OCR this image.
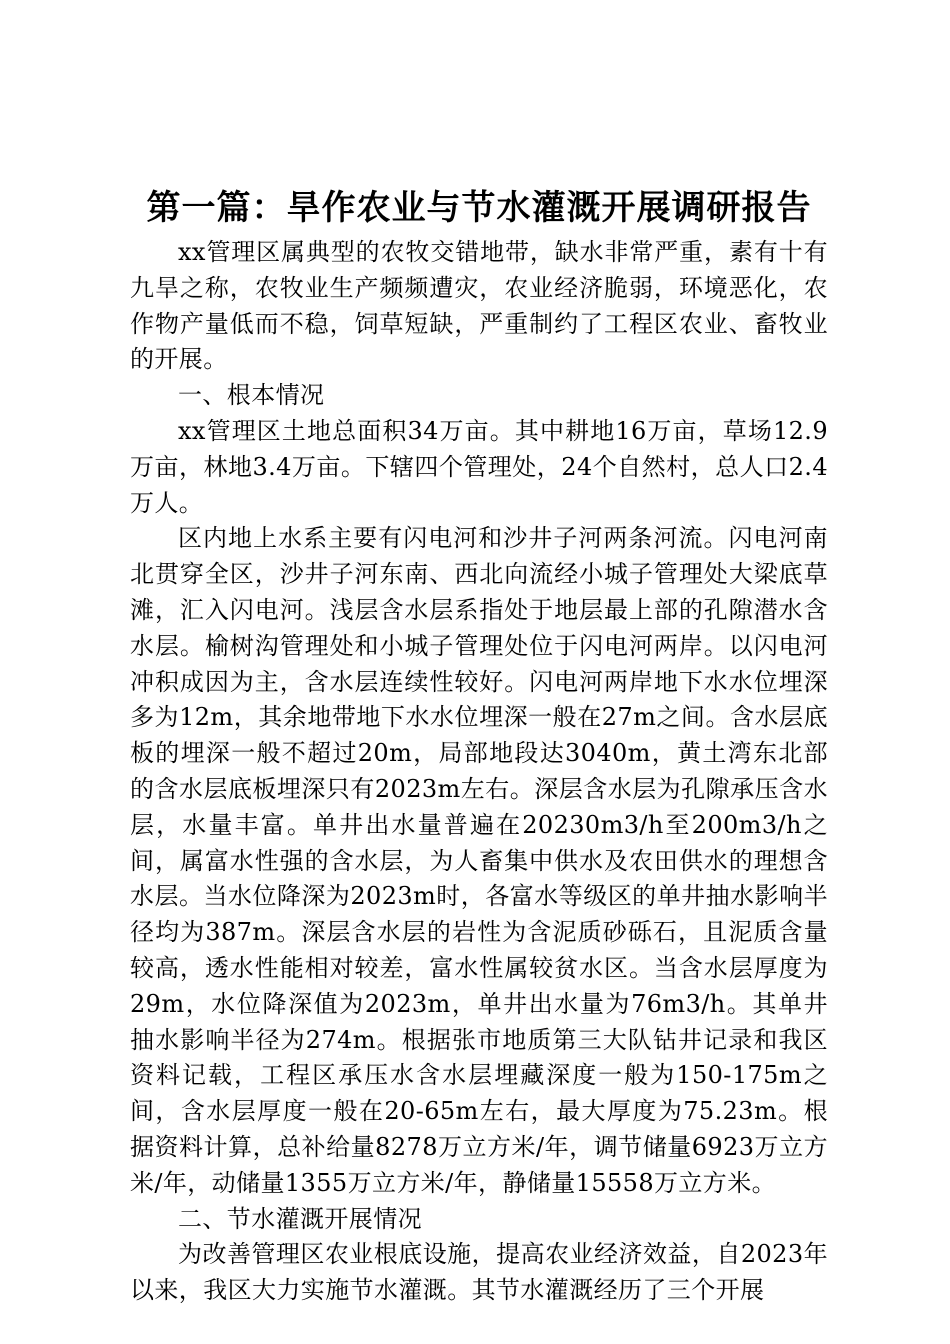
第一篇：旱作农业与节水灌溉开展调研报告

xx管理区属典型的农牧交错地带，缺水非常严重，素有十有九旱之称，农牧业生产频频遭灾，农业经济脆弱，环境恶化，农作物产量低而不稳，饲草短缺，严重制约了工程区农业、畜牧业的开展。

一、根本情况

xx管理区土地总面积34万亩。其中耕地16万亩，草场12.9万亩，林地3.4万亩。下辖四个管理处，24个自然村，总人口2.4万人。

区内地上水系主要有闪电河和沙井子河两条河流。闪电河南北贯穿全区，沙井子河东南、西北向流经小城子管理处大梁底草滩，汇入闪电河。浅层含水层系指处于地层最上部的孔隙潜水含水层。榆树沟管理处和小城子管理处位于闪电河两岸。以闪电河冲积成因为主，含水层连续性较好。闪电河两岸地下水水位埋深多为12m，其余地带地下水水位埋深一般在27m之间。含水层底板的埋深一般不超过20m，局部地段达3040m，黄土湾东北部的含水层底板埋深只有2023m左右。深层含水层为孔隙承压含水层，水量丰富。单井出水量普遍在20230m3/h至200m3/h之间，属富水性强的含水层，为人畜集中供水及农田供水的理想含水层。当水位降深为2023m时，各富水等级区的单井抽水影响半径均为387m。深层含水层的岩性为含泥质砂砾石，且泥质含量较高，透水性能相对较差，富水性属较贫水区。当含水层厚度为29m，水位降深值为2023m，单井出水量为76m3/h。其单井抽水影响半径为274m。根据张市地质第三大队钻井记录和我区资料记载，工程区承压水含水层埋藏深度一般为150-175m之间，含水层厚度一般在20-65m左右，最大厚度为75.23m。根据资料计算，总补给量8278万立方米/年，调节储量6923万立方米/年，动储量1355万立方米/年，静储量15558万立方米。

二、节水灌溉开展情况

为改善管理区农业根底设施，提高农业经济效益，自2023年以来，我区大力实施节水灌溉。其节水灌溉经历了三个开展
